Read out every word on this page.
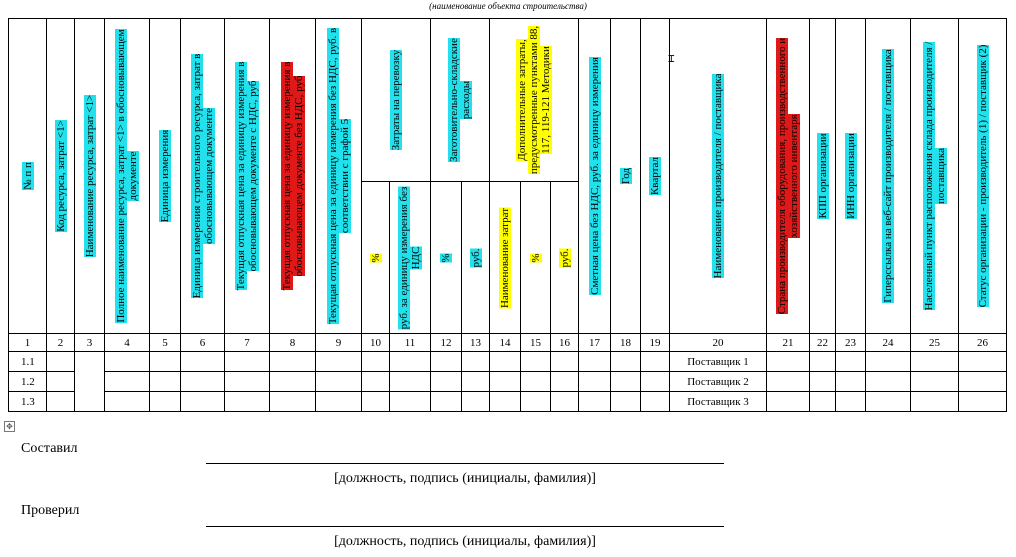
(наименование объекта строительства)
⌶
№ п п	Код ресурса, затрат <1>	Наименование ресурса, затрат <1>	Полное наименование ресурса, затрат <1> в обосновывающем документе	Единица измерения	Единица измерения строительного ресурса, затрат в обосновывающем документе	Текущая отпускная цена за единицу измерения в обосновывающем документе с НДС, руб	Текущая отпускная цена за единицу измерения в обосновывающем документе без НДС, руб	Текущая отпускная цена за единицу измерения без НДС, руб. в соответствии с графой 5	Затраты на перевозку		Заготовительно-складские расходы		Дополнительные затраты, предусмотренные пунктами 88, 117, 119-121 Методики			Сметная цена без НДС, руб. за единицу измерения	Год	Квартал	Наименование производителя / поставщика	Страна производителя оборудования, производственного и хозяйственного инвентаря	КПП организации	ИНН организации	Гиперссылка на веб-сайт производителя / поставщика	Населенный пункт расположения склада производителя / поставщика	Статус организации - производитель (1) / поставщик (2)

									%	руб. за единицу измерения без НДС	%	руб.	Наименование затрат	%	руб.										

1	2	3	4	5	6	7	8	9	10	11	12	13	14	15	16	17	18	19	20	21	22	23	24	25	26
1.1																			Поставщик 1						
1.2																			Поставщик 2						
1.3																			Поставщик 3						
✥
Составил
[должность, подпись (инициалы, фамилия)]
Проверил
[должность, подпись (инициалы, фамилия)]
